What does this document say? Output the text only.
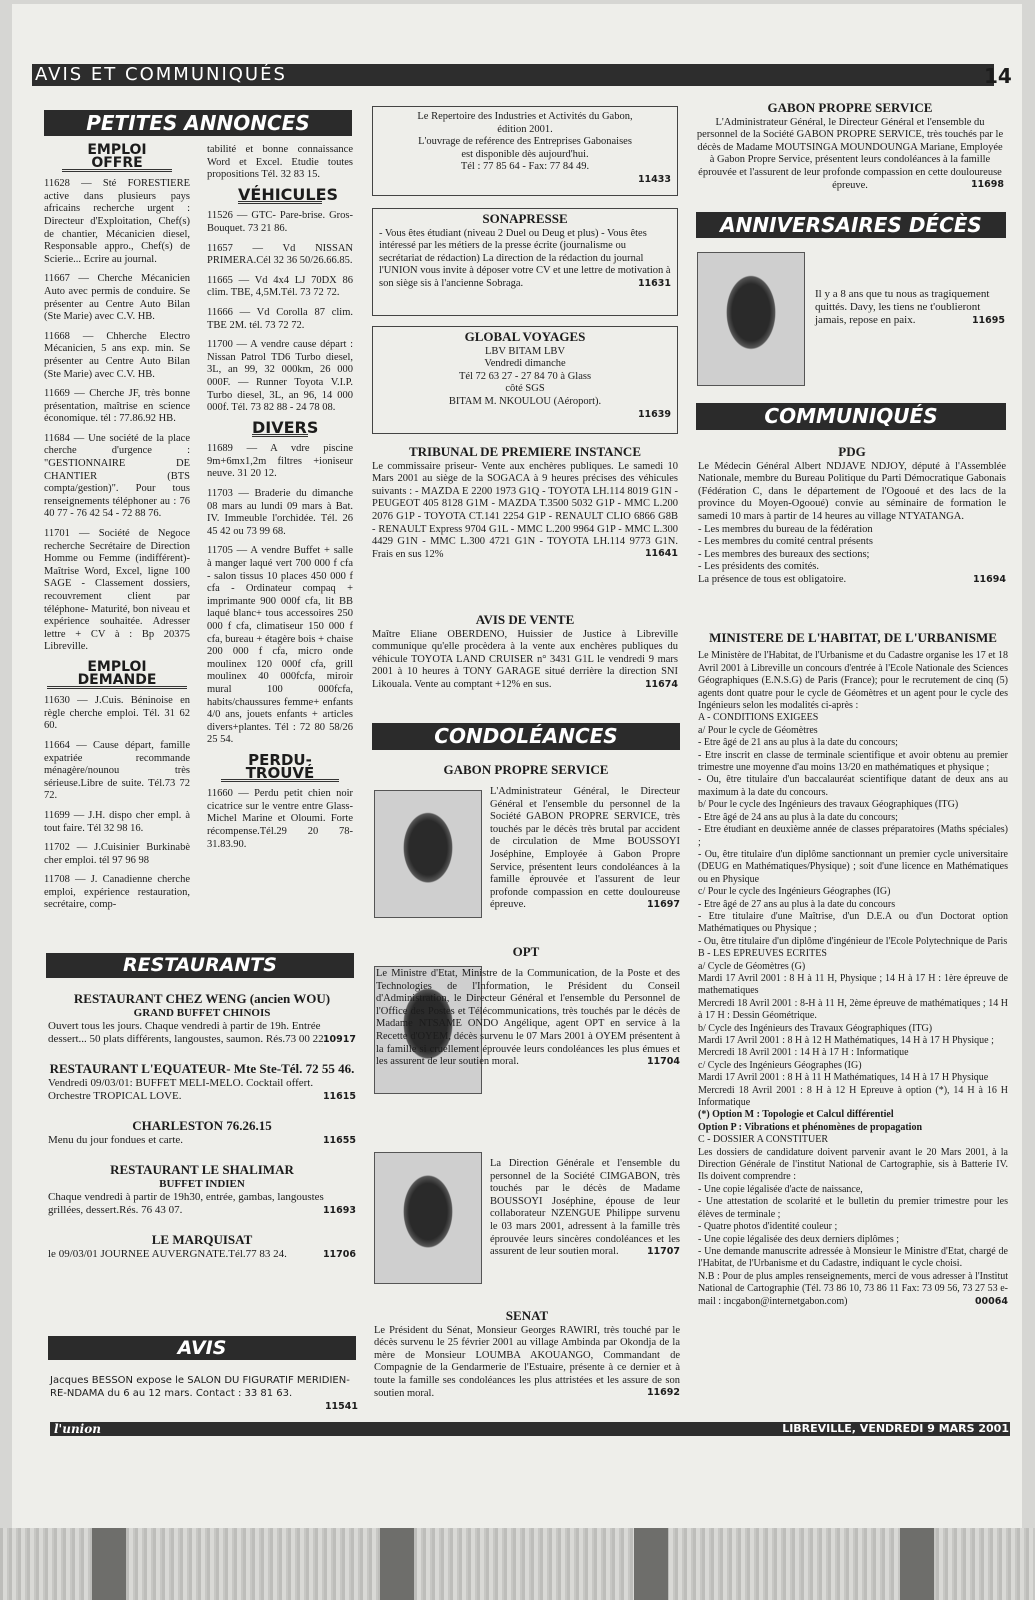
AVIS ET COMMUNIQUÉS	14
PETITES ANNONCES
EMPLOI OFFRE
11628 — Sté FORESTIERE active dans plusieurs pays africains recherche urgent : Directeur d'Exploitation, Chef(s) de chantier, Mécanicien diesel, Responsable appro., Chef(s) de Scierie... Ecrire au journal.
11667 — Cherche Mécanicien Auto avec permis de conduire. Se présenter au Centre Auto Bilan (Ste Marie) avec C.V. HB.
11668 — Chherche Electro Mécanicien, 5 ans exp. min. Se présenter au Centre Auto Bilan (Ste Marie) avec C.V. HB.
11669 — Cherche JF, très bonne présentation, maîtrise en science économique. tél : 77.86.92 HB.
11684 — Une société de la place cherche d'urgence : "GESTIONNAIRE DE CHANTIER (BTS compta/gestion)". Pour tous renseignements téléphoner au : 76 40 77 - 76 42 54 - 72 88 76.
11701 — Société de Negoce recherche Secrétaire de Direction Homme ou Femme (indifférent)- Maîtrise Word, Excel, ligne 100 SAGE - Classement dossiers, recouvrement client par téléphone- Maturité, bon niveau et expérience souhaitée. Adresser lettre + CV à : Bp 20375 Libreville.
EMPLOI DEMANDE
11630 — J.Cuis. Béninoise en règle cherche emploi. Tél. 31 62 60.
11664 — Cause départ, famille expatriée recommande ménagère/nounou très sérieuse.Libre de suite. Tél.73 72 72.
11699 — J.H. dispo cher empl. à tout faire. Tél 32 98 16.
11702 — J.Cuisinier Burkinabè cher emploi. tél 97 96 98
11708 — J. Canadienne cherche emploi, expérience restauration, secrétaire, comp-
tabilité et bonne connaissance Word et Excel. Etudie toutes propositions Tél. 32 83 15.
VÉHICULES
11526 — GTC- Pare-brise. Gros-Bouquet. 73 21 86.
11657 — Vd NISSAN PRIMERA.Cél 32 36 50/26.66.85.
11665 — Vd 4x4 LJ 70DX 86 clim. TBE, 4,5M.Tél. 73 72 72.
11666 — Vd Corolla 87 clim. TBE 2M. tél. 73 72 72.
11700 — A vendre cause départ : Nissan Patrol TD6 Turbo diesel, 3L, an 99, 32 000km, 26 000 000F. — Runner Toyota V.I.P. Turbo diesel, 3L, an 96, 14 000 000f. Tél. 73 82 88 - 24 78 08.
DIVERS
11689 — A vdre piscine 9m+6mx1,2m filtres +ioniseur neuve. 31 20 12.
11703 — Braderie du dimanche 08 mars au lundi 09 mars à Bat. IV. Immeuble l'orchidée. Tél. 26 45 42 ou 73 99 68.
11705 — A vendre Buffet + salle à manger laqué vert 700 000 f cfa - salon tissus 10 places 450 000 f cfa - Ordinateur compaq + imprimante 900 000f cfa, lit BB laqué blanc+ tous accessoires 250 000 f cfa, climatiseur 150 000 f cfa, bureau + étagère bois + chaise 200 000 f cfa, micro onde moulinex 120 000f cfa, grill moulinex 40 000fcfa, miroir mural 100 000fcfa, habits/chaussures femme+ enfants 4/0 ans, jouets enfants + articles divers+plantes. Tél : 72 80 58/26 25 54.
PERDU-TROUVÉ
11660 — Perdu petit chien noir cicatrice sur le ventre entre Glass-Michel Marine et Oloumi. Forte récompense.Tél.29 20 78-31.83.90.
RESTAURANTS
RESTAURANT CHEZ WENG (ancien WOU)
GRAND BUFFET CHINOIS
Ouvert tous les jours. Chaque vendredi à partir de 19h. Entrée dessert... 50 plats différents, langoustes, saumon. Rés.73 00 22.
10917
RESTAURANT L'EQUATEUR- Mte Ste-Tél. 72 55 46.
Vendredi 09/03/01: BUFFET MELI-MELO. Cocktail offert. Orchestre TROPICAL LOVE.	11615
CHARLESTON 76.26.15
Menu du jour fondues et carte.	11655
RESTAURANT LE SHALIMAR
BUFFET INDIEN
Chaque vendredi à partir de 19h30, entrée, gambas, langoustes grillées, dessert.Rés. 76 43 07.	11693
LE MARQUISAT
le 09/03/01 JOURNEE AUVERGNATE.Tél.77 83 24.	11706
AVIS
Jacques BESSON expose le SALON DU FIGURATIF MERIDIEN-RE-NDAMA du 6 au 12 mars. Contact : 33 81 63.
11541
Le Repertoire des Industries et Activités du Gabon,
édition 2001.
L'ouvrage de reférence des Entreprises Gabonaises
est disponible dès aujourd'hui.
Tél : 77 85 64 - Fax: 77 84 49.
11433
SONAPRESSE
- Vous êtes étudiant (niveau 2 Duel ou Deug et plus) - Vous êtes intéressé par les métiers de la presse écrite (journalisme ou secrétariat de rédaction) La direction de la rédaction du journal l'UNION vous invite à déposer votre CV et une lettre de motivation à son siège sis à l'ancienne Sobraga.	11631
GLOBAL VOYAGES
LBV BITAM LBV
Vendredi dimanche
Tél 72 63 27 - 27 84 70 à Glass
côté SGS
BITAM M. NKOULOU (Aéroport).
11639
TRIBUNAL DE PREMIERE INSTANCE
Le commissaire priseur- Vente aux enchères publiques. Le samedi 10 Mars 2001 au siège de la SOGACA à 9 heures précises des véhicules suivants : - MAZDA E 2200 1973 G1Q - TOYOTA LH.114 8019 G1N - PEUGEOT 405 8128 G1M - MAZDA T.3500 5032 G1P - MMC L.200 2076 G1P - TOYOTA CT.141 2254 G1P - RENAULT CLIO 6866 G8B - RENAULT Express 9704 G1L - MMC L.200 9964 G1P - MMC L.300 4429 G1N - MMC L.300 4721 G1N - TOYOTA LH.114 9773 G1N. Frais en sus 12%	11641
AVIS DE VENTE
Maître Eliane OBERDENO, Huissier de Justice à Libreville communique qu'elle procèdera à la vente aux enchères publiques du véhicule TOYOTA LAND CRUISER n° 3431 G1L le vendredi 9 mars 2001 à 10 heures à TONY GARAGE situé derrière la direction SNI Likouala. Vente au comptant +12% en sus.	11674
CONDOLÉANCES
GABON PROPRE SERVICE
L'Administrateur Général, le Directeur Général et l'ensemble du personnel de la Société GABON PROPRE SERVICE, très touchés par le décès très brutal par accident de circulation de Mme BOUSSOYI Joséphine, Employée à Gabon Propre Service, présentent leurs condoléances à la famille éprouvée et l'assurent de leur profonde compassion en cette douloureuse épreuve.	11697
OPT
Le Ministre d'Etat, Ministre de la Communication, de la Poste et des Technologies de l'Information, le Président du Conseil d'Administration, le Directeur Général et l'ensemble du Personnel de l'Office des Postes et Télécommunications, très touchés par le décès de Madame NTSAME ONDO Angélique, agent OPT en service à la Recette d'OYEM, décès survenu le 07 Mars 2001 à OYEM présentent à la famille si cruellement éprouvée leurs condoléances les plus émues et les assurent de leur soutien moral.	11704
La Direction Générale et l'ensemble du personnel de la Société CIMGABON, très touchés par le décès de Madame BOUSSOYI Joséphine, épouse de leur collaborateur NZENGUE Philippe survenu le 03 mars 2001, adressent à la famille très éprouvée leurs sincères condoléances et les assurent de leur soutien moral.	11707
SENAT
Le Président du Sénat, Monsieur Georges RAWIRI, très touché par le décès survenu le 25 février 2001 au village Ambinda par Okondja de la mère de Monsieur LOUMBA AKOUANGO, Commandant de Compagnie de la Gendarmerie de l'Estuaire, présente à ce dernier et à toute la famille ses condoléances les plus attristées et les assure de son soutien moral.	11692
GABON PROPRE SERVICE
L'Administrateur Général, le Directeur Général et l'ensemble du personnel de la Société GABON PROPRE SERVICE, très touchés par le décès de Madame MOUTSINGA MOUNDOUNGA Mariane, Employée à Gabon Propre Service, présentent leurs condoléances à la famille éprouvée et l'assurent de leur profonde compassion en cette douloureuse épreuve.	11698
ANNIVERSAIRES DÉCÈS
Il y a 8 ans que tu nous as tragiquement quittés. Davy, les tiens ne t'oublieront jamais, repose en paix.	11695
COMMUNIQUÉS
PDG
Le Médecin Général Albert NDJAVE NDJOY, député à l'Assemblée Nationale, membre du Bureau Politique du Parti Démocratique Gabonais (Fédération C, dans le département de l'Ogooué et des lacs de la province du Moyen-Ogooué) convie au séminaire de formation le samedi 10 mars à partir de 14 heures au village NTYATANGA.
- Les membres du bureau de la fédération
- Les membres du comité central présents
- Les membres des bureaux des sections;
- Les présidents des comités.
La présence de tous est obligatoire.	11694
MINISTERE DE L'HABITAT, DE L'URBANISME
Le Ministère de l'Habitat, de l'Urbanisme et du Cadastre organise les 17 et 18 Avril 2001 à Libreville un concours d'entrée à l'Ecole Nationale des Sciences Géographiques (E.N.S.G) de Paris (France); pour le recrutement de cinq (5) agents dont quatre pour le cycle de Géomètres et un agent pour le cycle des Ingénieurs selon les modalités ci-après :
A - CONDITIONS EXIGEES
a/ Pour le cycle de Géomètres
- Etre âgé de 21 ans au plus à la date du concours;
- Etre inscrit en classe de terminale scientifique et avoir obtenu au premier trimestre une moyenne d'au moins 13/20 en mathématiques et physique ;
- Ou, être titulaire d'un baccalauréat scientifique datant de deux ans au maximum à la date du concours.
b/ Pour le cycle des Ingénieurs des travaux Géographiques (ITG)
- Etre âgé de 24 ans au plus à la date du concours;
- Etre étudiant en deuxième année de classes préparatoires (Maths spéciales) ;
- Ou, être titulaire d'un diplôme sanctionnant un premier cycle universitaire (DEUG en Mathématiques/Physique) ; soit d'une licence en Mathématiques ou en Physique
c/ Pour le cycle des Ingénieurs Géographes (IG)
- Etre âgé de 27 ans au plus à la date du concours
- Etre titulaire d'une Maîtrise, d'un D.E.A ou d'un Doctorat option Mathématiques ou Physique ;
- Ou, être titulaire d'un diplôme d'ingénieur de l'Ecole Polytechnique de Paris
B - LES EPREUVES ECRITES
a/ Cycle de Géomètres (G)
Mardi 17 Avril 2001 : 8 H à 11 H, Physique ; 14 H à 17 H : 1ère épreuve de mathematiques
Mercredi 18 Avril 2001 : 8-H à 11 H, 2ème épreuve de mathématiques ; 14 H à 17 H : Dessin Géométrique.
b/ Cycle des Ingénieurs des Travaux Géographiques (ITG)
Mardi 17 Avril 2001 : 8 H à 12 H Mathématiques, 14 H à 17 H Physique ;
Mercredi 18 Avril 2001 : 14 H à 17 H : Informatique
c/ Cycle des Ingénieurs Géographes (IG)
Mardi 17 Avril 2001 : 8 H à 11 H Mathématiques, 14 H à 17 H Physique
Mercredi 18 Avril 2001 : 8 H à 12 H Epreuve à option (*), 14 H à 16 H Informatique
(*) Option M : Topologie et Calcul différentiel
Option P : Vibrations et phénomènes de propagation
C - DOSSIER A CONSTITUER
Les dossiers de candidature doivent parvenir avant le 20 Mars 2001, à la Direction Générale de l'institut National de Cartographie, sis à Batterie IV. Ils doivent comprendre :
- Une copie légalisée d'acte de naissance,
- Une attestation de scolarité et le bulletin du premier trimestre pour les élèves de terminale ;
- Quatre photos d'identité couleur ;
- Une copie légalisée des deux derniers diplômes ;
- Une demande manuscrite adressée à Monsieur le Ministre d'Etat, chargé de l'Habitat, de l'Urbanisme et du Cadastre, indiquant le cycle choisi.
N.B : Pour de plus amples renseignements, merci de vous adresser à l'Institut National de Cartographie (Tél. 73 86 10, 73 86 11 Fax: 73 09 56, 73 27 53 e-mail : incgabon@internetgabon.com)	00064
l'union	LIBREVILLE, VENDREDI 9 MARS 2001
